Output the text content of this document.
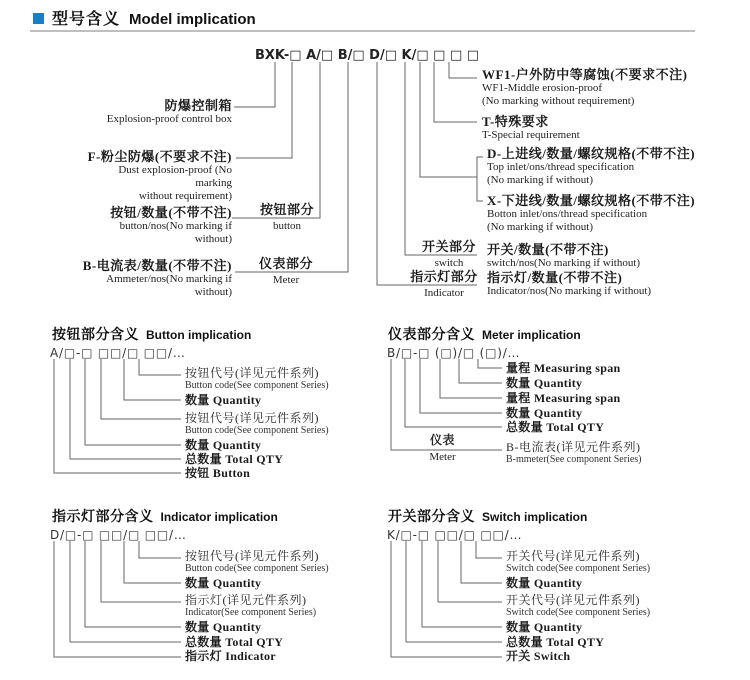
型号含义 Model implication
BXK-□ A/□ B/□ D/□ K/□ □ □ □
防爆控制箱
Explosion-proof control box
F-粉尘防爆(不要求不注)
Dust explosion-proof (No marking
without requirement)
按钮/数量(不带不注)
button/nos(No marking if without)
B-电流表/数量(不带不注)
Ammeter/nos(No marking if without)
按钮部分
button
仪表部分
Meter
开关部分
switch
指示灯部分
Indicator
开关/数量(不带不注)
switch/nos(No marking if without)
指示灯/数量(不带不注)
Indicator/nos(No marking if without)
WF1-户外防中等腐蚀(不要求不注)
WF1-Middle erosion-proof
(No marking without requirement)
T-特殊要求
T-Special requirement
D-上进线/数量/螺纹规格(不带不注)
Top inlet/ons/thread specification
(No marking if without)
X-下进线/数量/螺纹规格(不带不注)
Botton inlet/ons/thread specification
(No marking if without)
按钮部分含义 Button implication
A/□-□ □□/□ □□/…
按钮代号(详见元件系列)
Button code(See component Series)
数量 Quantity
按钮代号(详见元件系列)
Button code(See component Series)
数量 Quantity
总数量 Total QTY
按钮 Button
仪表部分含义 Meter implication
B/□-□ (□)/□ (□)/…
量程 Measuring span
数量 Quantity
量程 Measuring span
数量 Quantity
总数量 Total QTY
仪表
Meter
B-电流表(详见元件系列)
B-mmeter(See component Series)
指示灯部分含义 Indicator implication
D/□-□ □□/□ □□/…
按钮代号(详见元件系列)
Button code(See component Series)
数量 Quantity
指示灯(详见元件系列)
Indicator(See component Series)
数量 Quantity
总数量 Total QTY
指示灯 Indicator
开关部分含义 Switch implication
K/□-□ □□/□ □□/…
开关代号(详见元件系列)
Switch code(See component Series)
数量 Quantity
开关代号(详见元件系列)
Switch code(See component Series)
数量 Quantity
总数量 Total QTY
开关 Switch
